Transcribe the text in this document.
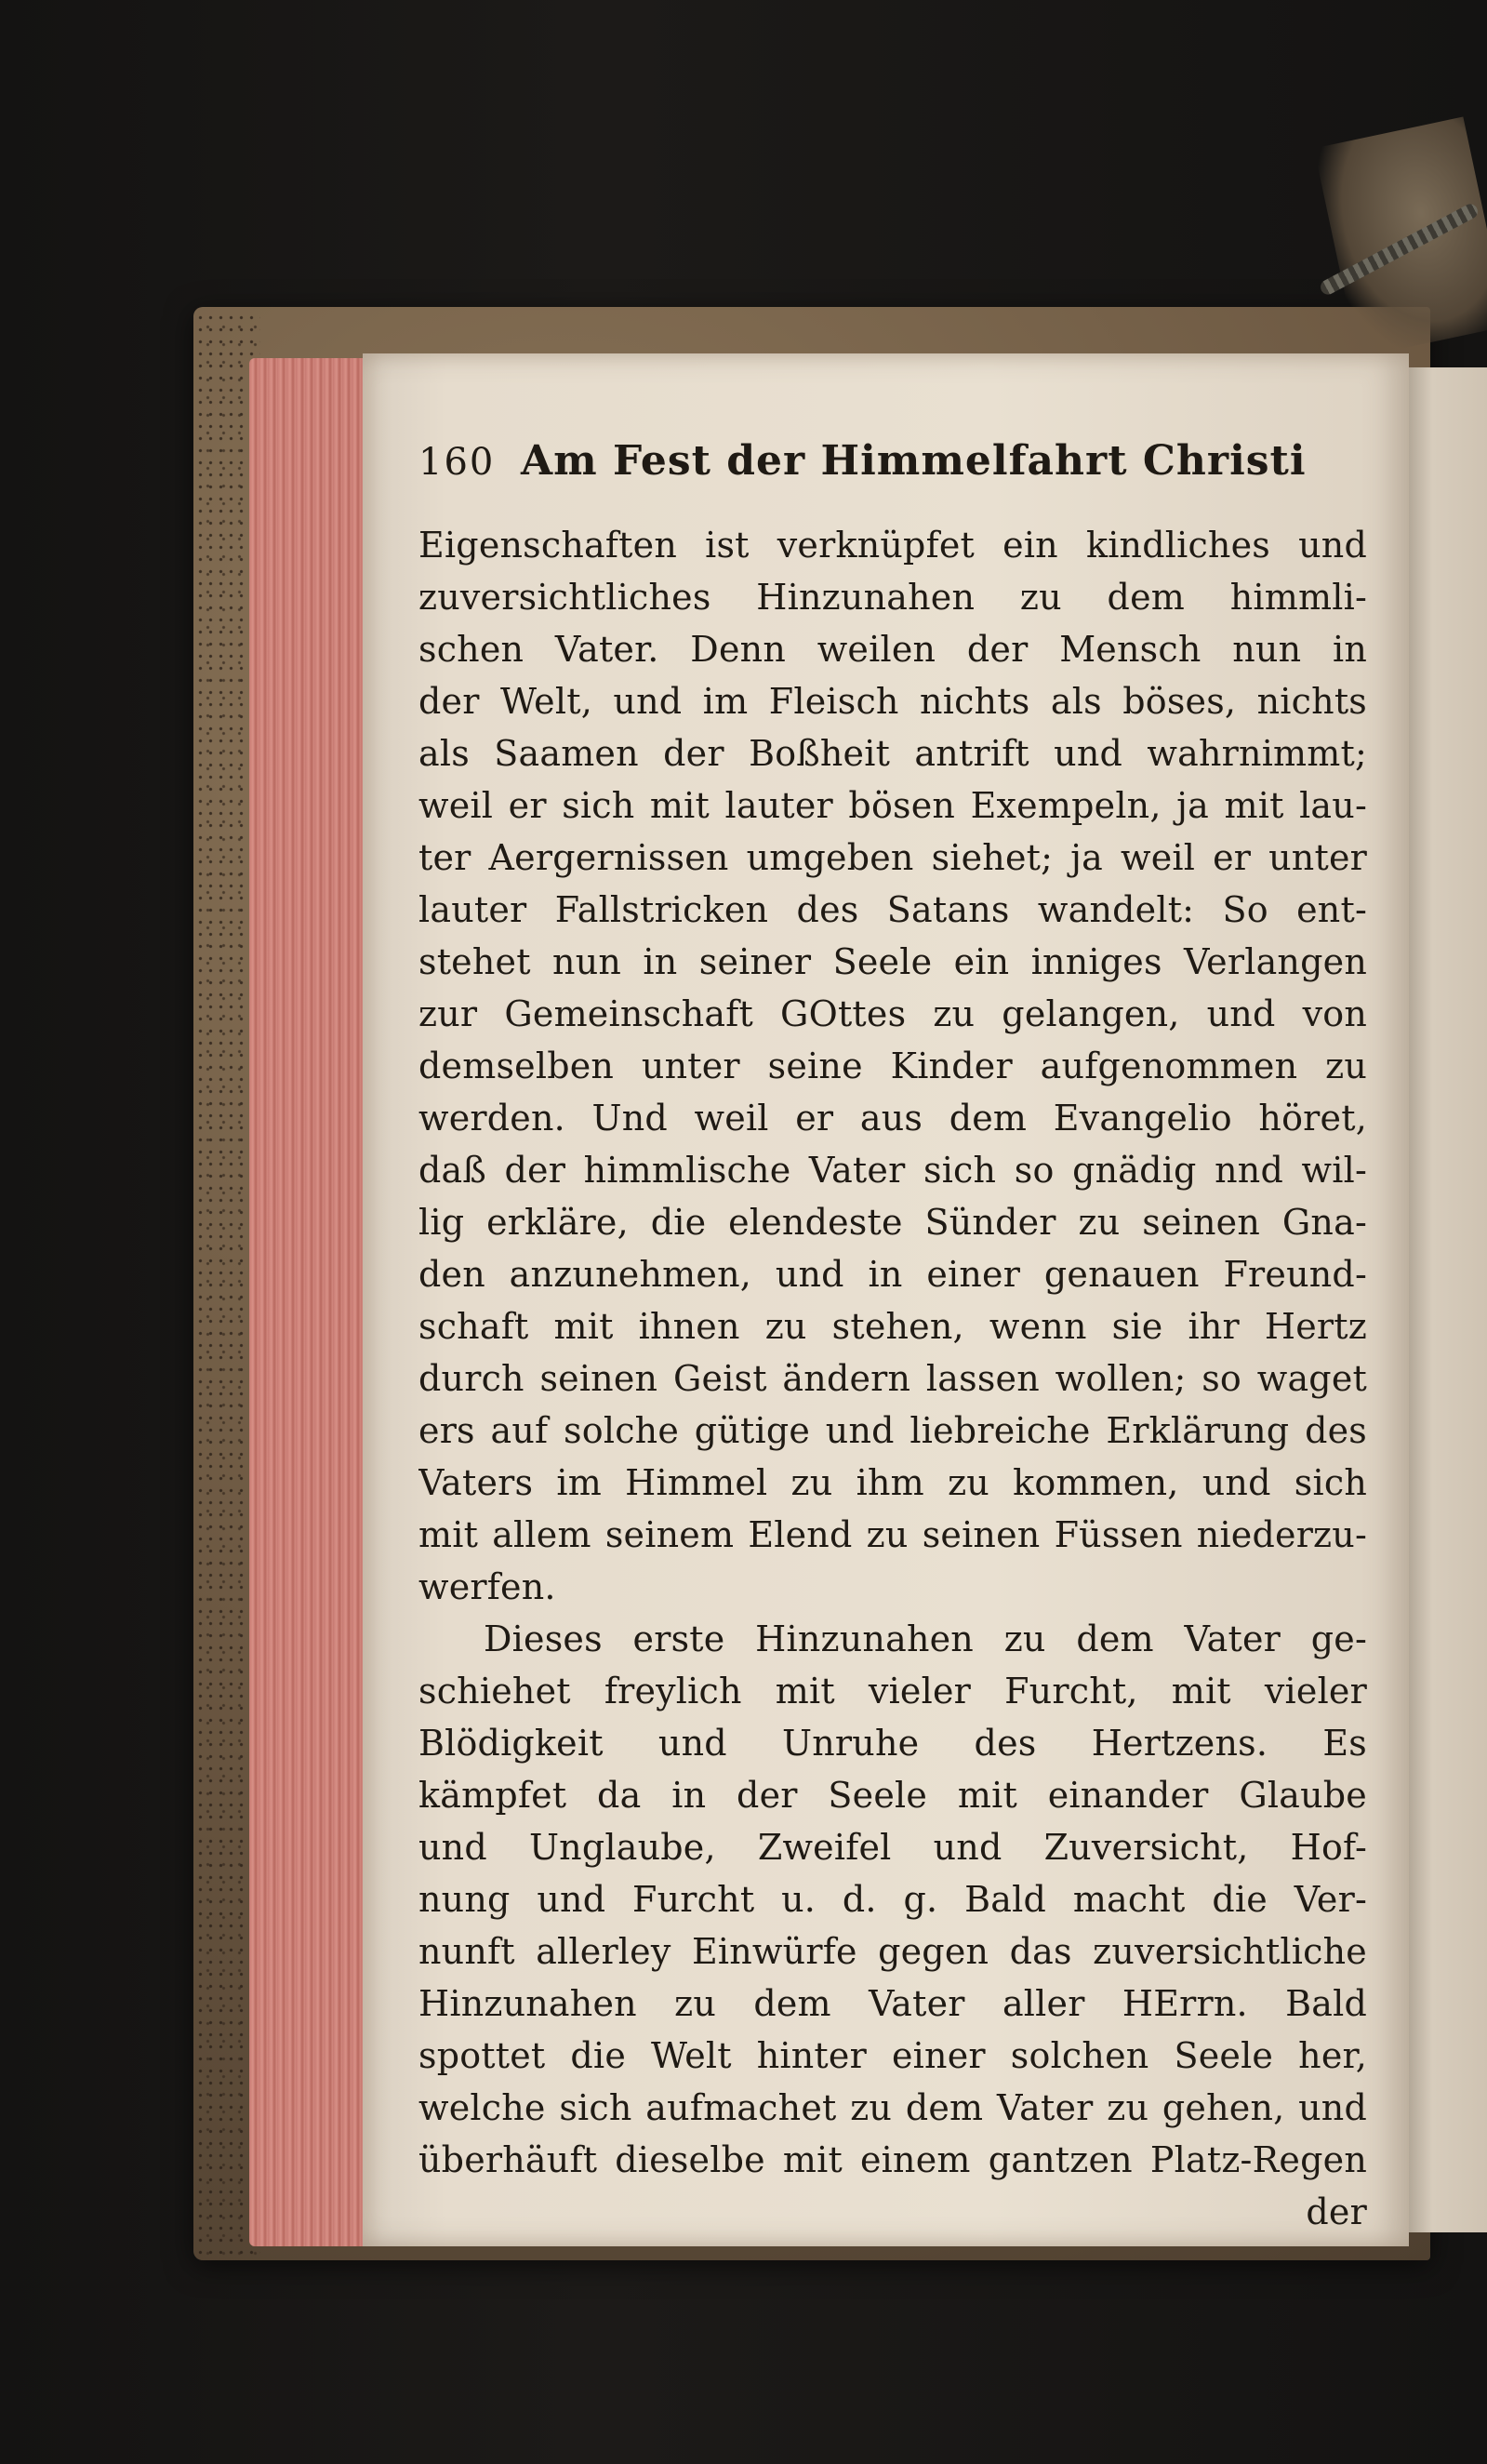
160 Am Fest der Himmelfahrt Christi
Eigenschaften ist verknüpfet ein kindliches und
zuversichtliches Hinzunahen zu dem himmli-
schen Vater. Denn weilen der Mensch nun in
der Welt, und im Fleisch nichts als böses, nichts
als Saamen der Boßheit antrift und wahrnimmt;
weil er sich mit lauter bösen Exempeln, ja mit lau-
ter Aergernissen umgeben siehet; ja weil er unter
lauter Fallstricken des Satans wandelt: So ent-
stehet nun in seiner Seele ein inniges Verlangen
zur Gemeinschaft GOttes zu gelangen, und von
demselben unter seine Kinder aufgenommen zu
werden. Und weil er aus dem Evangelio höret,
daß der himmlische Vater sich so gnädig nnd wil-
lig erkläre, die elendeste Sünder zu seinen Gna-
den anzunehmen, und in einer genauen Freund-
schaft mit ihnen zu stehen, wenn sie ihr Hertz
durch seinen Geist ändern lassen wollen; so waget
ers auf solche gütige und liebreiche Erklärung des
Vaters im Himmel zu ihm zu kommen, und sich
mit allem seinem Elend zu seinen Füssen niederzu-
werfen.
Dieses erste Hinzunahen zu dem Vater ge-
schiehet freylich mit vieler Furcht, mit vieler
Blödigkeit und Unruhe des Hertzens. Es
kämpfet da in der Seele mit einander Glaube
und Unglaube, Zweifel und Zuversicht, Hof-
nung und Furcht u. d. g. Bald macht die Ver-
nunft allerley Einwürfe gegen das zuversichtliche
Hinzunahen zu dem Vater aller HErrn. Bald
spottet die Welt hinter einer solchen Seele her,
welche sich aufmachet zu dem Vater zu gehen, und
überhäuft dieselbe mit einem gantzen Platz-Regen
der
